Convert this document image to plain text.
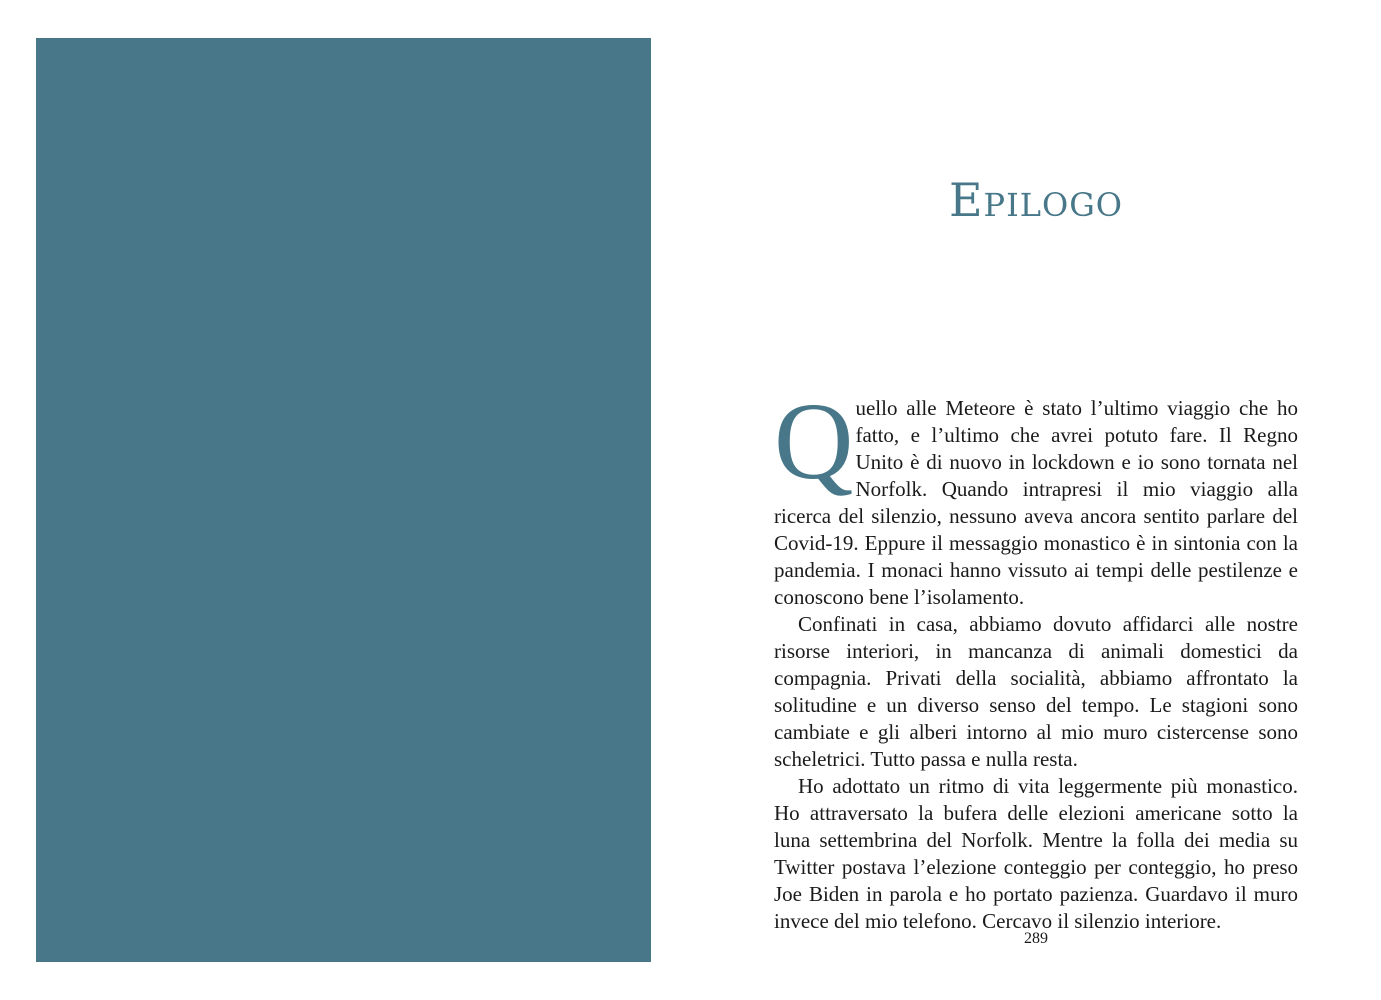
Epilogo

Quello alle Meteore è stato l’ultimo viaggio che ho fatto, e l’ultimo che avrei potuto fare. Il Regno Unito è di nuovo in lockdown e io sono tornata nel Norfolk. Quando intrapresi il mio viaggio alla ricerca del silenzio, nessuno aveva ancora sentito parlare del Covid-19. Eppure il messaggio monastico è in sintonia con la pandemia. I monaci hanno vissuto ai tempi delle pestilenze e conoscono bene l’isolamento.

Confinati in casa, abbiamo dovuto affidarci alle nostre risorse interiori, in mancanza di animali domestici da compagnia. Privati della socialità, abbiamo affrontato la solitudine e un diverso senso del tempo. Le stagioni sono cambiate e gli alberi intorno al mio muro cistercense sono scheletrici. Tutto passa e nulla resta.

Ho adottato un ritmo di vita leggermente più monastico. Ho attraversato la bufera delle elezioni americane sotto la luna settembrina del Norfolk. Mentre la folla dei media su Twitter postava l’elezione conteggio per conteggio, ho preso Joe Biden in parola e ho portato pazienza. Guardavo il muro invece del mio telefono. Cercavo il silenzio interiore.

289
